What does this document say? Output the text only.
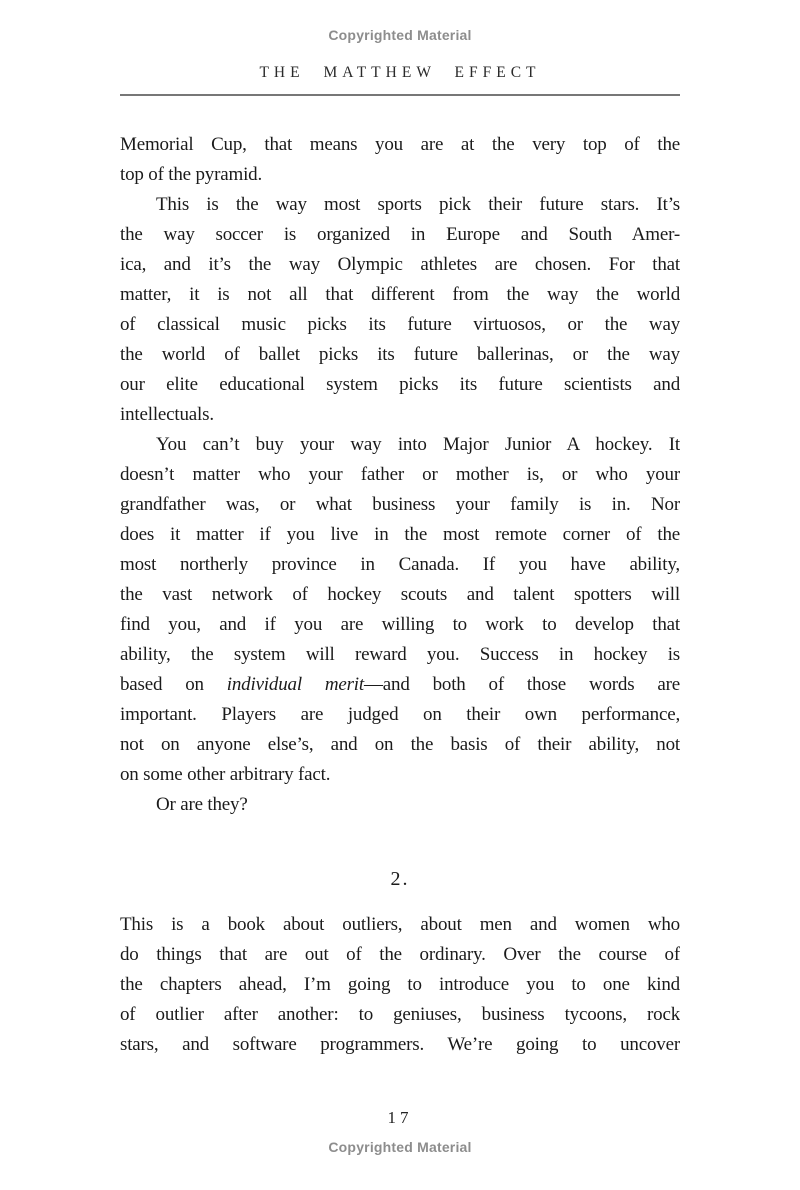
Copyrighted Material
THE MATTHEW EFFECT
Memorial Cup, that means you are at the very top of the
top of the pyramid.
This is the way most sports pick their future stars. It’s
the way soccer is organized in Europe and South Amer-
ica, and it’s the way Olympic athletes are chosen. For that
matter, it is not all that different from the way the world
of classical music picks its future virtuosos, or the way
the world of ballet picks its future ballerinas, or the way
our elite educational system picks its future scientists and
intellectuals.
You can’t buy your way into Major Junior A hockey. It
doesn’t matter who your father or mother is, or who your
grandfather was, or what business your family is in. Nor
does it matter if you live in the most remote corner of the
most northerly province in Canada. If you have ability,
the vast network of hockey scouts and talent spotters will
find you, and if you are willing to work to develop that
ability, the system will reward you. Success in hockey is
based on individual merit—and both of those words are
important. Players are judged on their own performance,
not on anyone else’s, and on the basis of their ability, not
on some other arbitrary fact.
Or are they?
2.
This is a book about outliers, about men and women who
do things that are out of the ordinary. Over the course of
the chapters ahead, I’m going to introduce you to one kind
of outlier after another: to geniuses, business tycoons, rock
stars, and software programmers. We’re going to uncover
17
Copyrighted Material
